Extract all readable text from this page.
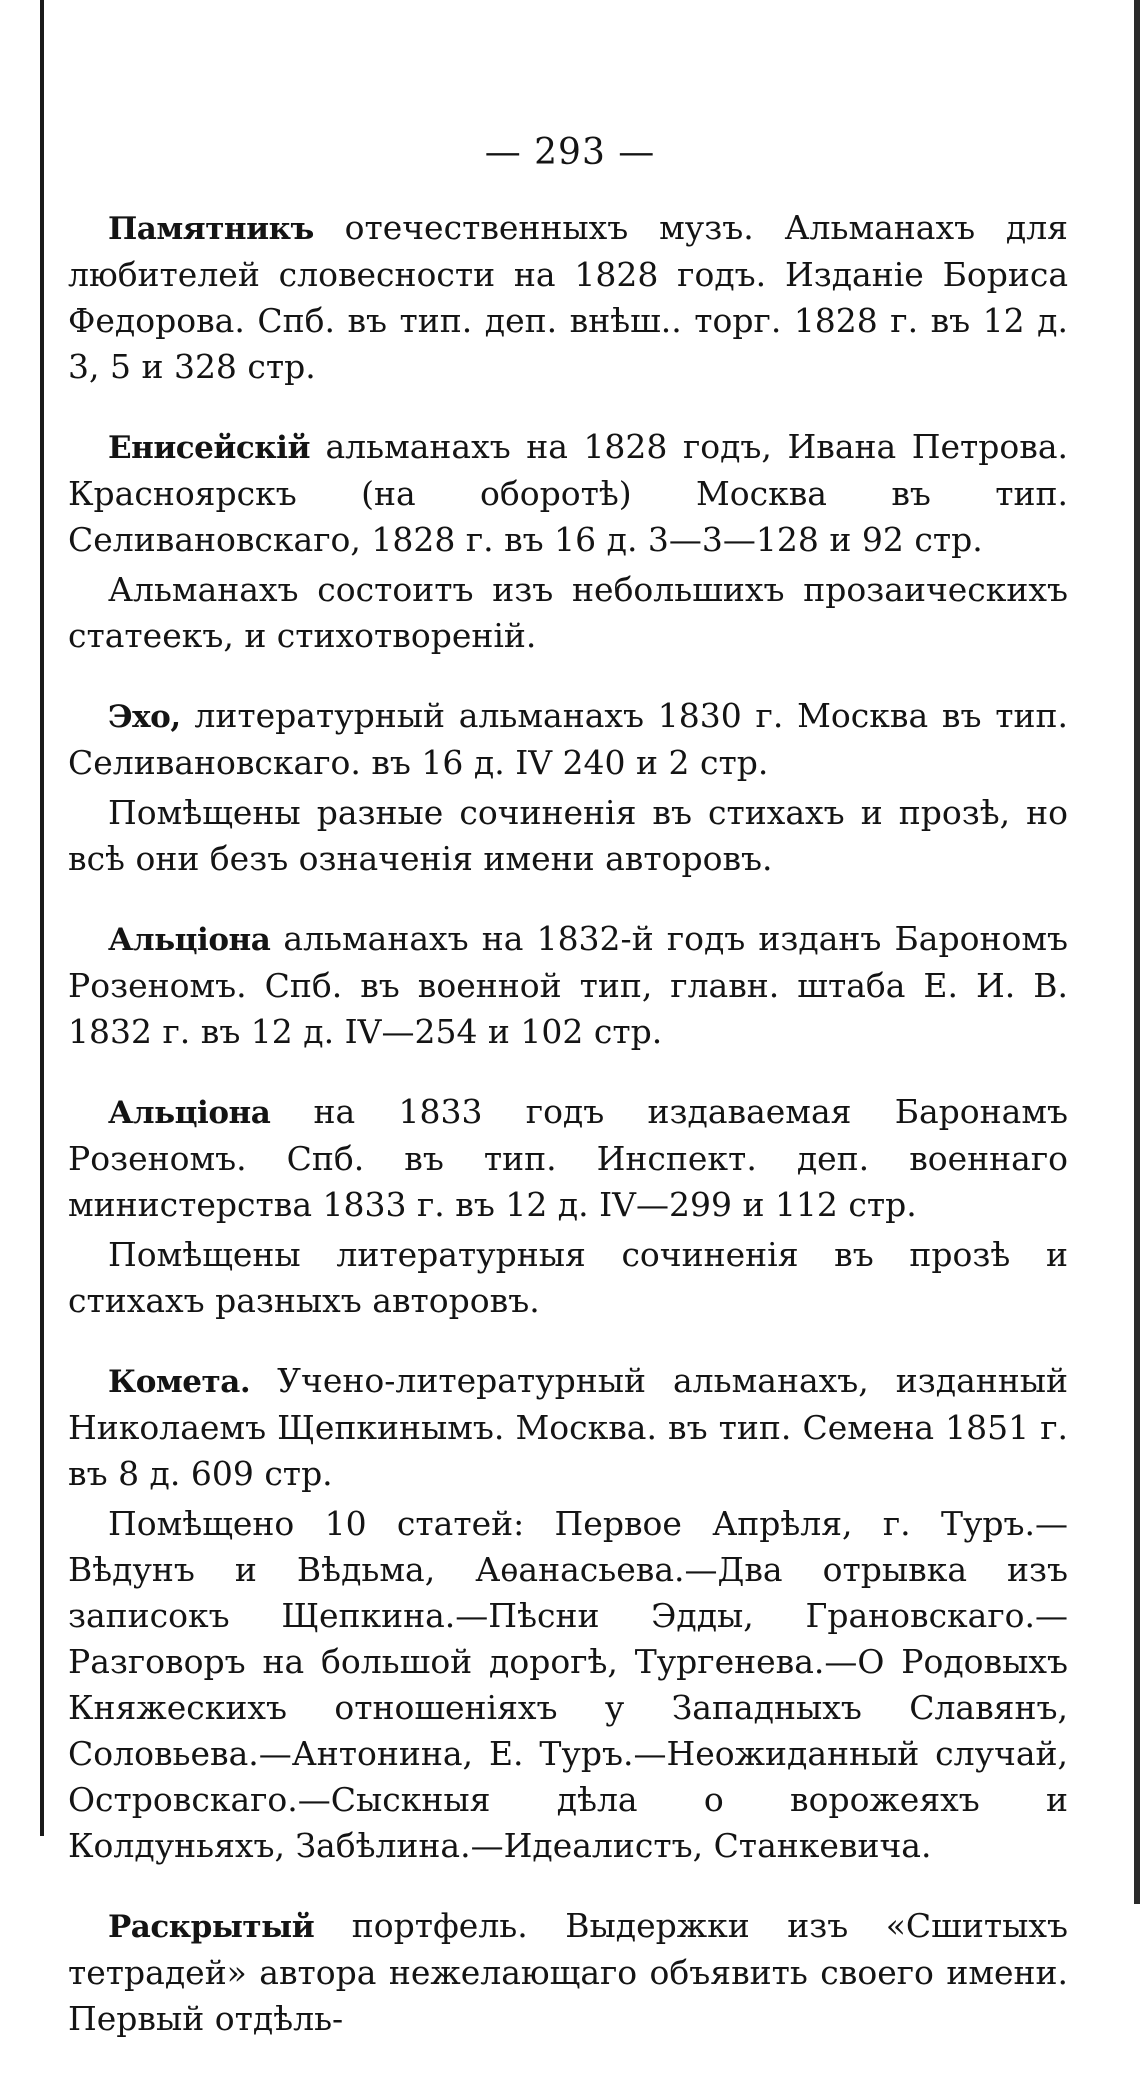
— 293 —

Памятникъ отечественныхъ музъ. Альманахъ для любителей словесности на 1828 годъ. Изданіе Бориса Федорова. Спб. въ тип. деп. внѣш.. торг. 1828 г. въ 12 д. 3, 5 и 328 стр.

Енисейскій альманахъ на 1828 годъ, Ивана Петрова. Красноярскъ (на оборотѣ) Москва въ тип. Селивановскаго, 1828 г. въ 16 д. 3—3—128 и 92 стр.

Альманахъ состоитъ изъ небольшихъ прозаическихъ статеекъ, и стихотвореній.

Эхо, литературный альманахъ 1830 г. Москва въ тип. Селивановскаго. въ 16 д. IV 240 и 2 стр.

Помѣщены разные сочиненія въ стихахъ и прозѣ, но всѣ они безъ означенія имени авторовъ.

Альціона альманахъ на 1832-й годъ изданъ Барономъ Розеномъ. Спб. въ военной тип, главн. штаба Е. И. В. 1832 г. въ 12 д. IV—254 и 102 стр.

Альціона на 1833 годъ издаваемая Баронамъ Розеномъ. Спб. въ тип. Инспект. деп. военнаго министерства 1833 г. въ 12 д. IV—299 и 112 стр.

Помѣщены литературныя сочиненія въ прозѣ и стихахъ разныхъ авторовъ.

Комета. Учено-литературный альманахъ, изданный Николаемъ Щепкинымъ. Москва. въ тип. Семена 1851 г. въ 8 д. 609 стр.

Помѣщено 10 статей: Первое Апрѣля, г. Туръ.—Вѣдунъ и Вѣдьма, Аѳанасьева.—Два отрывка изъ записокъ Щепкина.—Пѣсни Эдды, Грановскаго.—Разговоръ на большой дорогѣ, Тургенева.—О Родовыхъ Княжескихъ отношеніяхъ у Западныхъ Славянъ, Соловьева.—Антонина, Е. Туръ.—Неожиданный случай, Островскаго.—Сыскныя дѣла о ворожеяхъ и Колдуньяхъ, Забѣлина.—Идеалистъ, Станкевича.

Раскрытый портфель. Выдержки изъ «Сшитыхъ тетрадей» автора нежелающаго объявить своего имени. Первый отдѣль-
